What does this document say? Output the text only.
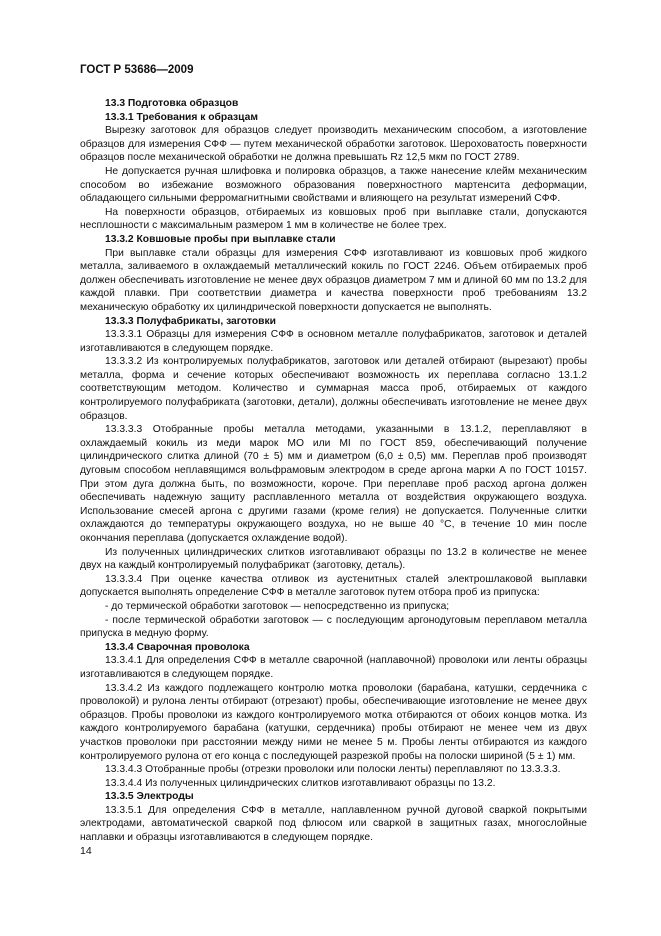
ГОСТ Р 53686—2009

13.3 Подготовка образцов

13.3.1 Требования к образцам

Вырезку заготовок для образцов следует производить механическим способом, а изготовление образцов для измерения СФФ — путем механической обработки заготовок. Шероховатость поверхности образцов после механической обработки не должна превышать Rz 12,5 мкм по ГОСТ 2789.

Не допускается ручная шлифовка и полировка образцов, а также нанесение клейм механическим способом во избежание возможного образования поверхностного мартенсита деформации, обладающего сильными ферромагнитными свойствами и влияющего на результат измерений СФФ.

На поверхности образцов, отбираемых из ковшовых проб при выплавке стали, допускаются несплошности с максимальным размером 1 мм в количестве не более трех.

13.3.2 Ковшовые пробы при выплавке стали

При выплавке стали образцы для измерения СФФ изготавливают из ковшовых проб жидкого металла, заливаемого в охлаждаемый металлический кокиль по ГОСТ 2246. Объем отбираемых проб должен обеспечивать изготовление не менее двух образцов диаметром 7 мм и длиной 60 мм по 13.2 для каждой плавки. При соответствии диаметра и качества поверхности проб требованиям 13.2 механическую обработку их цилиндрической поверхности допускается не выполнять.

13.3.3 Полуфабрикаты, заготовки

13.3.3.1 Образцы для измерения СФФ в основном металле полуфабрикатов, заготовок и деталей изготавливаются в следующем порядке.

13.3.3.2 Из контролируемых полуфабрикатов, заготовок или деталей отбирают (вырезают) пробы металла, форма и сечение которых обеспечивают возможность их переплава согласно 13.1.2 соответствующим методом. Количество и суммарная масса проб, отбираемых от каждого контролируемого полуфабриката (заготовки, детали), должны обеспечивать изготовление не менее двух образцов.

13.3.3.3 Отобранные пробы металла методами, указанными в 13.1.2, переплавляют в охлаждаемый кокиль из меди марок МО или МI по ГОСТ 859, обеспечивающий получение цилиндрического слитка длиной (70 ± 5) мм и диаметром (6,0 ± 0,5) мм. Переплав проб производят дуговым способом неплавящимся вольфрамовым электродом в среде аргона марки А по ГОСТ 10157. При этом дуга должна быть, по возможности, короче. При переплаве проб расход аргона должен обеспечивать надежную защиту расплавленного металла от воздействия окружающего воздуха. Использование смесей аргона с другими газами (кроме гелия) не допускается. Полученные слитки охлаждаются до температуры окружающего воздуха, но не выше 40 °С, в течение 10 мин после окончания переплава (допускается охлаждение водой).

Из полученных цилиндрических слитков изготавливают образцы по 13.2 в количестве не менее двух на каждый контролируемый полуфабрикат (заготовку, деталь).

13.3.3.4 При оценке качества отливок из аустенитных сталей электрошлаковой выплавки допускается выполнять определение СФФ в металле заготовок путем отбора проб из припуска:

- до термической обработки заготовок — непосредственно из припуска;

- после термической обработки заготовок — с последующим аргонодуговым переплавом металла припуска в медную форму.

13.3.4 Сварочная проволока

13.3.4.1 Для определения СФФ в металле сварочной (наплавочной) проволоки или ленты образцы изготавливаются в следующем порядке.

13.3.4.2 Из каждого подлежащего контролю мотка проволоки (барабана, катушки, сердечника с проволокой) и рулона ленты отбирают (отрезают) пробы, обеспечивающие изготовление не менее двух образцов. Пробы проволоки из каждого контролируемого мотка отбираются от обоих концов мотка. Из каждого контролируемого барабана (катушки, сердечника) пробы отбирают не менее чем из двух участков проволоки при расстоянии между ними не менее 5 м. Пробы ленты отбираются из каждого контролируемого рулона от его конца с последующей разрезкой пробы на полоски шириной (5 ± 1) мм.

13.3.4.3 Отобранные пробы (отрезки проволоки или полоски ленты) переплавляют по 13.3.3.3.

13.3.4.4 Из полученных цилиндрических слитков изготавливают образцы по 13.2.

13.3.5 Электроды

13.3.5.1 Для определения СФФ в металле, наплавленном ручной дуговой сваркой покрытыми электродами, автоматической сваркой под флюсом или сваркой в защитных газах, многослойные наплавки и образцы изготавливаются в следующем порядке.

14
